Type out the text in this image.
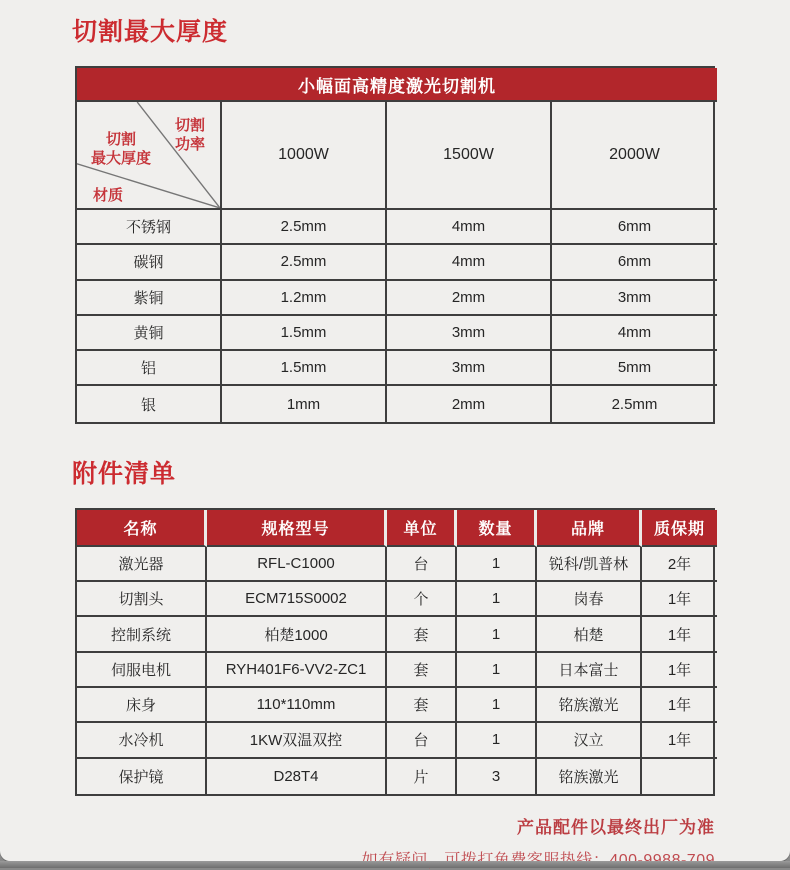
切割最大厚度
小幅面高精度激光切割机
切割
功率
切割
最大厚度
材质
1000W	1500W	2000W
不锈钢	2.5mm	4mm	6mm
碳钢	2.5mm	4mm	6mm
紫铜	1.2mm	2mm	3mm
黄铜	1.5mm	3mm	4mm
铝	1.5mm	3mm	5mm
银	1mm	2mm	2.5mm
附件清单
名称	规格型号	单位	数量	品牌	质保期
激光器	RFL-C1000	台	1	锐科/凯普林	2年
切割头	ECM715S0002	个	1	岗春	1年
控制系统	柏楚1000	套	1	柏楚	1年
伺服电机	RYH401F6-VV2-ZC1	套	1	日本富士	1年
床身	110*110mm	套	1	铭族激光	1年
水冷机	1KW双温双控	台	1	汉立	1年
保护镜	D28T4	片	3	铭族激光
产品配件以最终出厂为准
